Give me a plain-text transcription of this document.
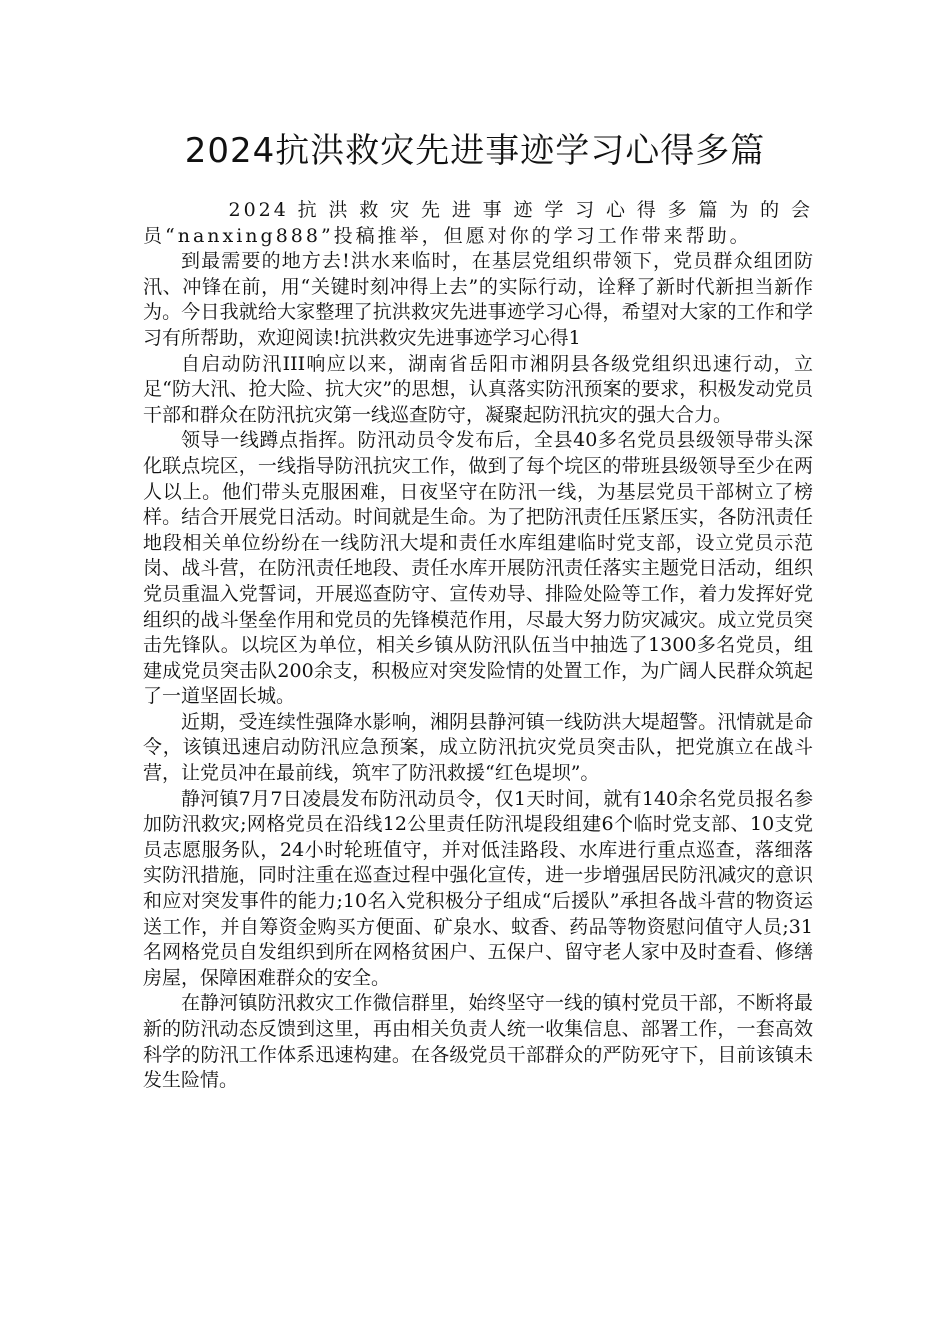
2024抗洪救灾先进事迹学习心得多篇

2024抗洪救灾先进事迹学习心得多篇为的会员“nanxing888”投稿推举，但愿对你的学习工作带来帮助。

到最需要的地方去!洪水来临时，在基层党组织带领下，党员群众组团防汛、冲锋在前，用“关键时刻冲得上去”的实际行动，诠释了新时代新担当新作为。今日我就给大家整理了抗洪救灾先进事迹学习心得，希望对大家的工作和学习有所帮助，欢迎阅读!抗洪救灾先进事迹学习心得1

自启动防汛III响应以来，湖南省岳阳市湘阴县各级党组织迅速行动，立足“防大汛、抢大险、抗大灾”的思想，认真落实防汛预案的要求，积极发动党员干部和群众在防汛抗灾第一线巡查防守，凝聚起防汛抗灾的强大合力。

领导一线蹲点指挥。防汛动员令发布后，全县40多名党员县级领导带头深化联点垸区，一线指导防汛抗灾工作，做到了每个垸区的带班县级领导至少在两人以上。他们带头克服困难，日夜坚守在防汛一线，为基层党员干部树立了榜样。结合开展党日活动。时间就是生命。为了把防汛责任压紧压实，各防汛责任地段相关单位纷纷在一线防汛大堤和责任水库组建临时党支部，设立党员示范岗、战斗营，在防汛责任地段、责任水库开展防汛责任落实主题党日活动，组织党员重温入党誓词，开展巡查防守、宣传劝导、排险处险等工作，着力发挥好党组织的战斗堡垒作用和党员的先锋模范作用，尽最大努力防灾减灾。成立党员突击先锋队。以垸区为单位，相关乡镇从防汛队伍当中抽选了1300多名党员，组建成党员突击队200余支，积极应对突发险情的处置工作，为广阔人民群众筑起了一道坚固长城。

近期，受连续性强降水影响，湘阴县静河镇一线防洪大堤超警。汛情就是命令，该镇迅速启动防汛应急预案，成立防汛抗灾党员突击队，把党旗立在战斗营，让党员冲在最前线，筑牢了防汛救援“红色堤坝”。

静河镇7月7日凌晨发布防汛动员令，仅1天时间，就有140余名党员报名参加防汛救灾;网格党员在沿线12公里责任防汛堤段组建6个临时党支部、10支党员志愿服务队，24小时轮班值守，并对低洼路段、水库进行重点巡查，落细落实防汛措施，同时注重在巡查过程中强化宣传，进一步增强居民防汛减灾的意识和应对突发事件的能力;10名入党积极分子组成“后援队”承担各战斗营的物资运送工作，并自筹资金购买方便面、矿泉水、蚊香、药品等物资慰问值守人员;31名网格党员自发组织到所在网格贫困户、五保户、留守老人家中及时查看、修缮房屋，保障困难群众的安全。

在静河镇防汛救灾工作微信群里，始终坚守一线的镇村党员干部，不断将最新的防汛动态反馈到这里，再由相关负责人统一收集信息、部署工作，一套高效科学的防汛工作体系迅速构建。在各级党员干部群众的严防死守下，目前该镇未发生险情。
